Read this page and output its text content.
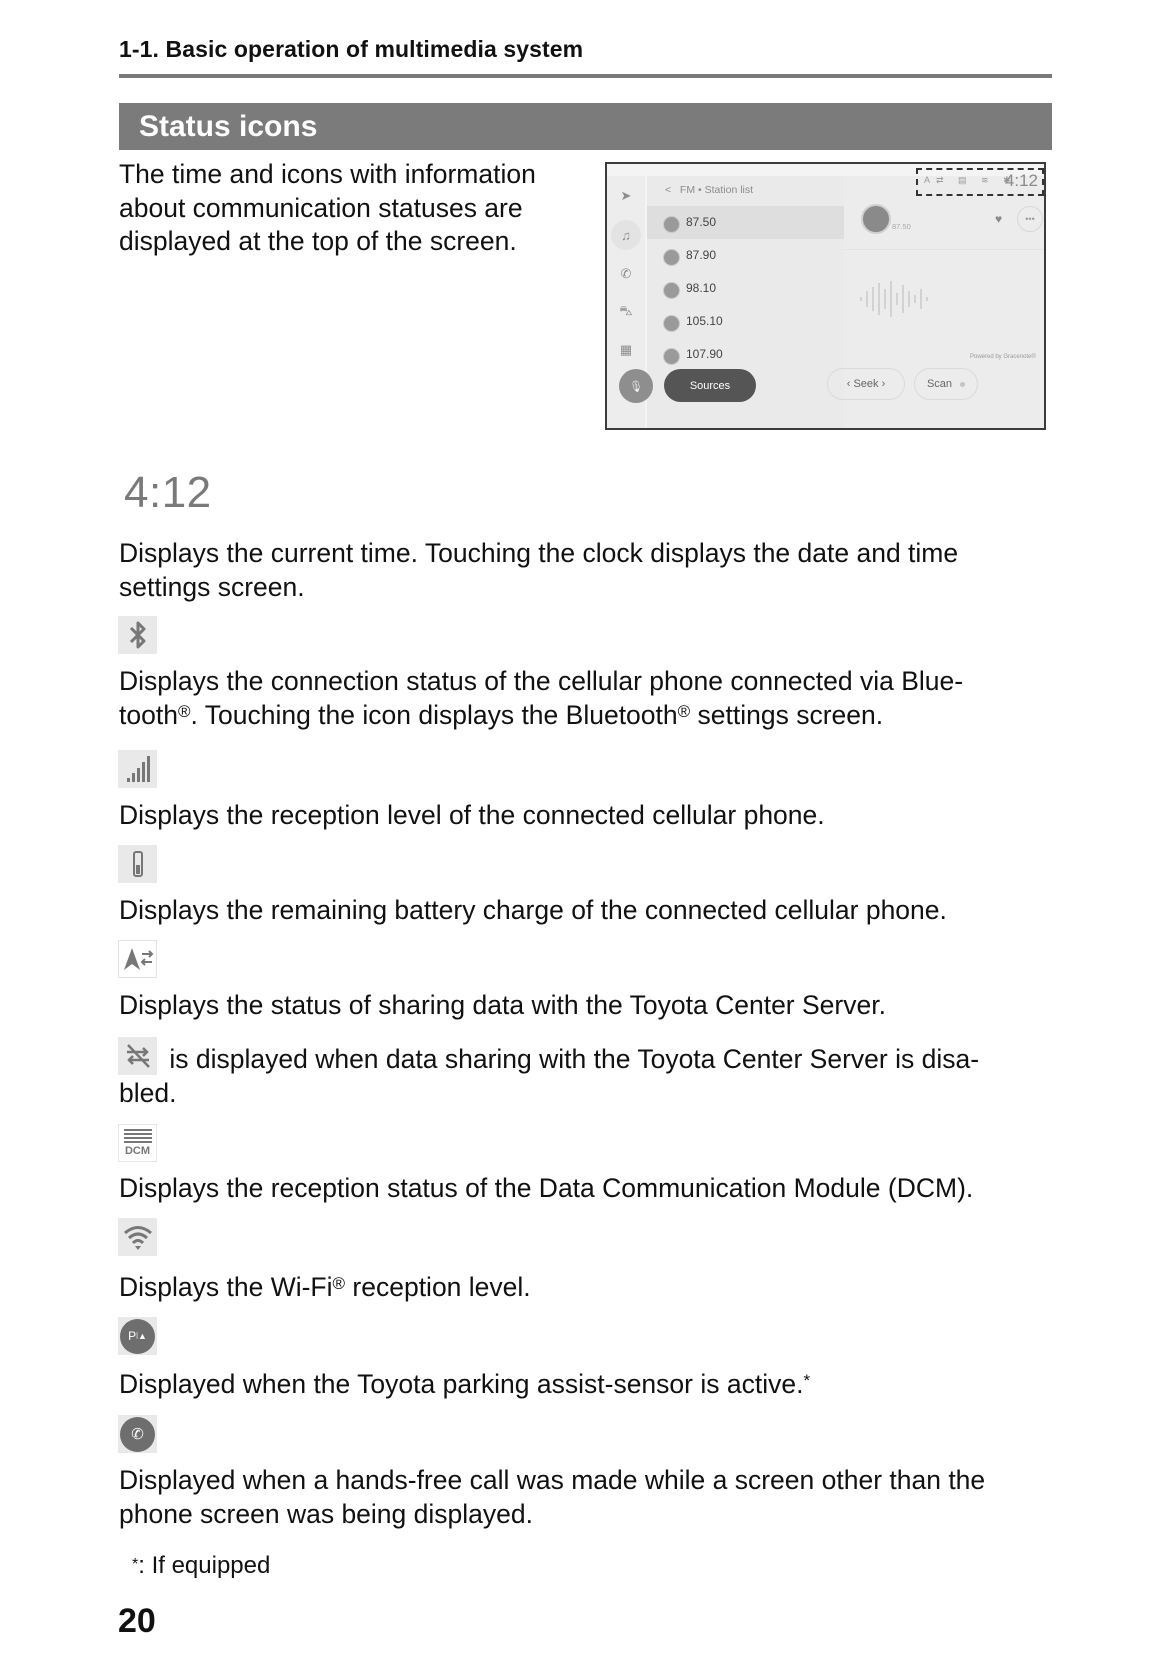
1-1. Basic operation of multimedia system
Status icons
The time and icons with information about communication statuses are displayed at the top of the screen.
➤
♫
✆
⛍
▦
< FM • Station list
87.50
87.90
98.10
105.10
107.90
🎙	Sources
A⇄ ▤ ≋ ✱
4:12
87.50
♥	•••
Powered by Gracenote®
‹ Seek ›	Scan
4:12
Displays the current time. Touching the clock displays the date and time settings screen.
Displays the connection status of the cellular phone connected via Blue-
tooth®. Touching the icon displays the Bluetooth® settings screen.
Displays the reception level of the connected cellular phone.
Displays the remaining battery charge of the connected cellular phone.
Displays the status of sharing data with the Toyota Center Server.
is displayed when data sharing with the Toyota Center Server is disa-
bled.
DCM
Displays the reception status of the Data Communication Module (DCM).
Displays the Wi-Fi® reception level.
P ⦚▲
Displayed when the Toyota parking assist-sensor is active.*
✆
Displayed when a hands-free call was made while a screen other than the
phone screen was being displayed.
*: If equipped
20
